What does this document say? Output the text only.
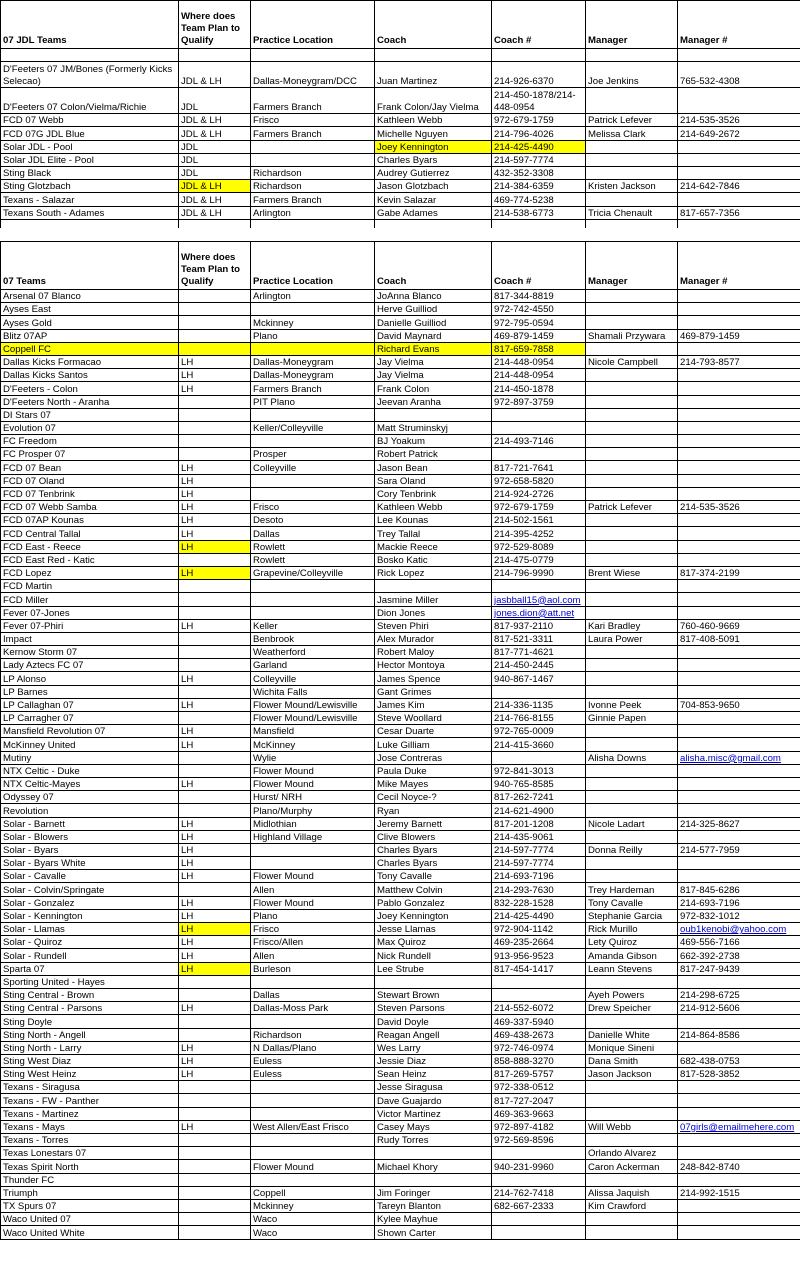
07 JDL Teams	Where does Team Plan to Qualify	Practice Location	Coach	Coach #	Manager	Manager #

D'Feeters 07 JM/Bones (Formerly Kicks Selecao)	JDL & LH	Dallas-Moneygram/DCC	Juan Martinez	214-926-6370	Joe Jenkins	765-532-4308
D'Feeters 07 Colon/Vielma/Richie	JDL	Farmers Branch	Frank Colon/Jay Vielma	214-450-1878/214-448-0954		
FCD 07 Webb	JDL & LH	Frisco	Kathleen Webb	972-679-1759	Patrick Lefever	214-535-3526
FCD 07G JDL Blue	JDL & LH	Farmers Branch	Michelle Nguyen	214-796-4026	Melissa Clark	214-649-2672
Solar JDL - Pool	JDL		Joey Kennington	214-425-4490		
Solar JDL Elite - Pool	JDL		Charles Byars	214-597-7774		
Sting Black	JDL	Richardson	Audrey Gutierrez	432-352-3308		
Sting Glotzbach	JDL & LH	Richardson	Jason Glotzbach	214-384-6359	Kristen Jackson	214-642-7846
Texans - Salazar	JDL & LH	Farmers Branch	Kevin Salazar	469-774-5238		
Texans South - Adames	JDL & LH	Arlington	Gabe Adames	214-538-6773	Tricia Chenault	817-657-7356

07 Teams	Where does Team Plan to Qualify	Practice Location	Coach	Coach #	Manager	Manager #
Arsenal 07 Blanco		Arlington	JoAnna Blanco	817-344-8819		
Ayses East			Herve Guilliod	972-742-4550		
Ayses Gold		Mckinney	Danielle Guilliod	972-795-0594		
Blitz 07AP		Plano	David Maynard	469-879-1459	Shamali Przywara	469-879-1459
Coppell FC			Richard Evans	817-659-7858		
Dallas Kicks Formacao	LH	Dallas-Moneygram	Jay Vielma	214-448-0954	Nicole Campbell	214-793-8577
Dallas Kicks Santos	LH	Dallas-Moneygram	Jay Vielma	214-448-0954		
D'Feeters - Colon	LH	Farmers Branch	Frank Colon	214-450-1878		
D'Feeters North - Aranha		PIT Plano	Jeevan Aranha	972-897-3759		
DI Stars 07						
Evolution 07		Keller/Colleyville	Matt Struminskyj			
FC Freedom			BJ Yoakum	214-493-7146		
FC Prosper 07		Prosper	Robert Patrick			
FCD 07 Bean	LH	Colleyville	Jason Bean	817-721-7641		
FCD 07 Oland	LH		Sara Oland	972-658-5820		
FCD 07 Tenbrink	LH		Cory Tenbrink	214-924-2726		
FCD 07 Webb Samba	LH	Frisco	Kathleen Webb	972-679-1759	Patrick Lefever	214-535-3526
FCD 07AP Kounas	LH	Desoto	Lee Kounas	214-502-1561		
FCD Central Tallal	LH	Dallas	Trey Tallal	214-395-4252		
FCD East - Reece	LH	Rowlett	Mackie Reece	972-529-8089		
FCD East Red - Katic		Rowlett	Bosko Katic	214-475-0779		
FCD Lopez	LH	Grapevine/Colleyville	Rick Lopez	214-796-9990	Brent Wiese	817-374-2199
FCD Martin						
FCD Miller			Jasmine Miller	jasbball15@aol.com		
Fever 07-Jones			Dion Jones	jones.dion@att.net		
Fever 07-Phiri	LH	Keller	Steven Phiri	817-937-2110	Kari Bradley	760-460-9669
Impact		Benbrook	Alex Murador	817-521-3311	Laura Power	817-408-5091
Kernow Storm 07		Weatherford	Robert Maloy	817-771-4621		
Lady Aztecs FC 07		Garland	Hector Montoya	214-450-2445		
LP Alonso	LH	Colleyville	James Spence	940-867-1467		
LP Barnes		Wichita Falls	Gant Grimes			
LP Callaghan 07	LH	Flower Mound/Lewisville	James Kim	214-336-1135	Ivonne Peek	704-853-9650
LP Carragher 07		Flower Mound/Lewisville	Steve Woollard	214-766-8155	Ginnie Papen	
Mansfield Revolution 07	LH	Mansfield	Cesar Duarte	972-765-0009		
McKinney United	LH	McKinney	Luke Gilliam	214-415-3660		
Mutiny		Wylie	Jose Contreras		Alisha Downs	alisha.misc@gmail.com
NTX Celtic - Duke		Flower Mound	Paula Duke	972-841-3013		
NTX Celtic-Mayes	LH	Flower Mound	Mike Mayes	940-765-8585		
Odyssey 07		Hurst/ NRH	Cecil Noyce-?	817-262-7241		
Revolution		Plano/Murphy	Ryan	214-621-4900		
Solar - Barnett	LH	Midlothian	Jeremy Barnett	817-201-1208	Nicole Ladart	214-325-8627
Solar - Blowers	LH	Highland Village	Clive Blowers	214-435-9061		
Solar - Byars	LH		Charles Byars	214-597-7774	Donna Reilly	214-577-7959
Solar - Byars White	LH		Charles Byars	214-597-7774		
Solar - Cavalle	LH	Flower Mound	Tony Cavalle	214-693-7196		
Solar - Colvin/Springate		Allen	Matthew Colvin	214-293-7630	Trey Hardeman	817-845-6286
Solar - Gonzalez	LH	Flower Mound	Pablo Gonzalez	832-228-1528	Tony Cavalle	214-693-7196
Solar - Kennington	LH	Plano	Joey Kennington	214-425-4490	Stephanie Garcia	972-832-1012
Solar - Llamas	LH	Frisco	Jesse Llamas	972-904-1142	Rick Murillo	oub1kenobi@yahoo.com
Solar - Quiroz	LH	Frisco/Allen	Max Quiroz	469-235-2664	Lety Quiroz	469-556-7166
Solar - Rundell	LH	Allen	Nick Rundell	913-956-9523	Amanda Gibson	662-392-2738
Sparta 07	LH	Burleson	Lee Strube	817-454-1417	Leann Stevens	817-247-9439
Sporting United - Hayes						
Sting Central - Brown		Dallas	Stewart Brown		Ayeh Powers	214-298-6725
Sting Central - Parsons	LH	Dallas-Moss Park	Steven Parsons	214-552-6072	Drew Speicher	214-912-5606
Sting Doyle			David Doyle	469-337-5940		
Sting North - Angell		Richardson	Reagan Angell	469-438-2673	Danielle White	214-864-8586
Sting North - Larry	LH	N Dallas/Plano	Wes Larry	972-746-0974	Monique Sineni	
Sting West Diaz	LH	Euless	Jessie Diaz	858-888-3270	Dana Smith	682-438-0753
Sting West Heinz	LH	Euless	Sean Heinz	817-269-5757	Jason Jackson	817-528-3852
Texans - Siragusa			Jesse Siragusa	972-338-0512		
Texans - FW - Panther			Dave Guajardo	817-727-2047		
Texans - Martinez			Victor Martinez	469-363-9663		
Texans - Mays	LH	West Allen/East Frisco	Casey Mays	972-897-4182	Will Webb	07girls@emailmehere.com
Texans - Torres			Rudy Torres	972-569-8596		
Texas Lonestars 07					Orlando Alvarez	
Texas Spirit North		Flower Mound	Michael Khory	940-231-9960	Caron Ackerman	248-842-8740
Thunder FC						
Triumph		Coppell	Jim Foringer	214-762-7418	Alissa Jaquish	214-992-1515
TX Spurs 07		Mckinney	Tareyn Blanton	682-667-2333	Kim Crawford	
Waco United 07		Waco	Kylee Mayhue			
Waco United White		Waco	Shown Carter			
